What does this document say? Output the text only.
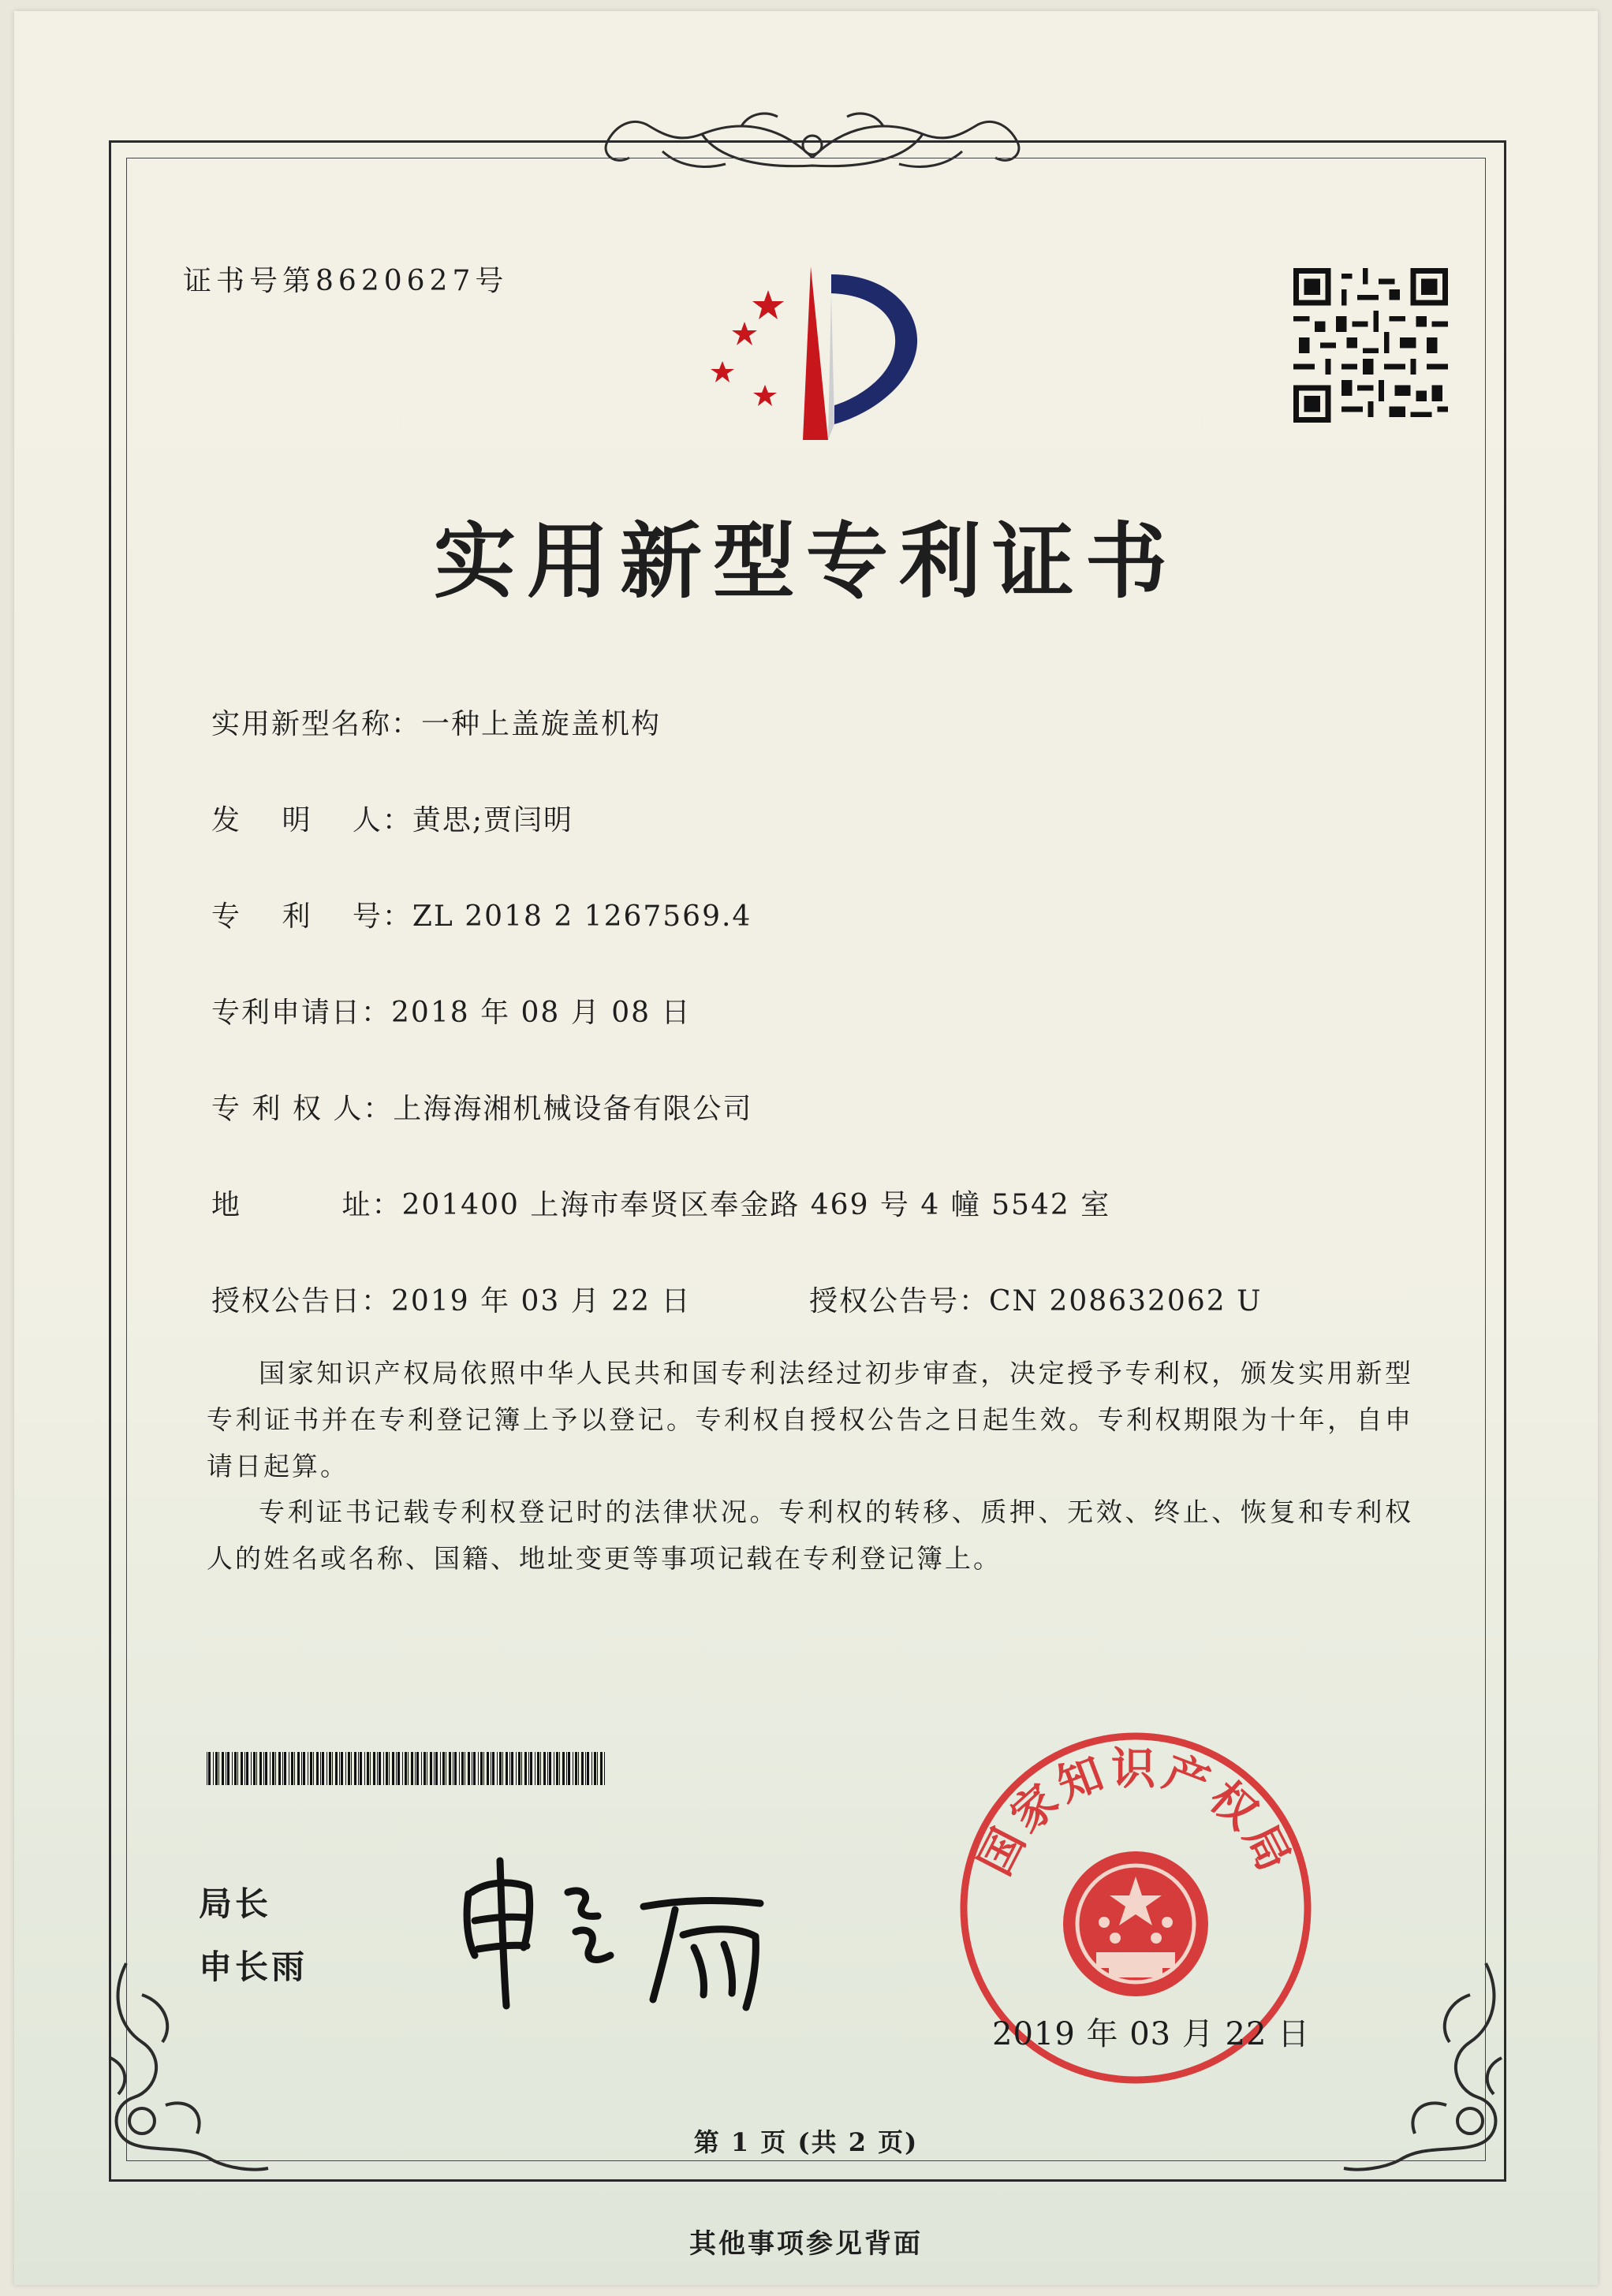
证书号第8620627号
实用新型专利证书
实用新型名称：一种上盖旋盖机构
发　 明　 人：黄思;贾闫明
专　 利　 号：ZL 2018 2 1267569.4
专利申请日：2018 年 08 月 08 日
专 利 权 人：上海海湘机械设备有限公司
地　　　 址：201400 上海市奉贤区奉金路 469 号 4 幢 5542 室
授权公告日：2019 年 03 月 22 日	授权公告号：CN 208632062 U
国家知识产权局依照中华人民共和国专利法经过初步审查，决定授予专利权，颁发实用新型专利证书并在专利登记簿上予以登记。专利权自授权公告之日起生效。专利权期限为十年，自申请日起算。
专利证书记载专利权登记时的法律状况。专利权的转移、质押、无效、终止、恢复和专利权人的姓名或名称、国籍、地址变更等事项记载在专利登记簿上。
局长
申长雨
国家知识产权局
2019 年 03 月 22 日
第 1 页 (共 2 页)
其他事项参见背面
